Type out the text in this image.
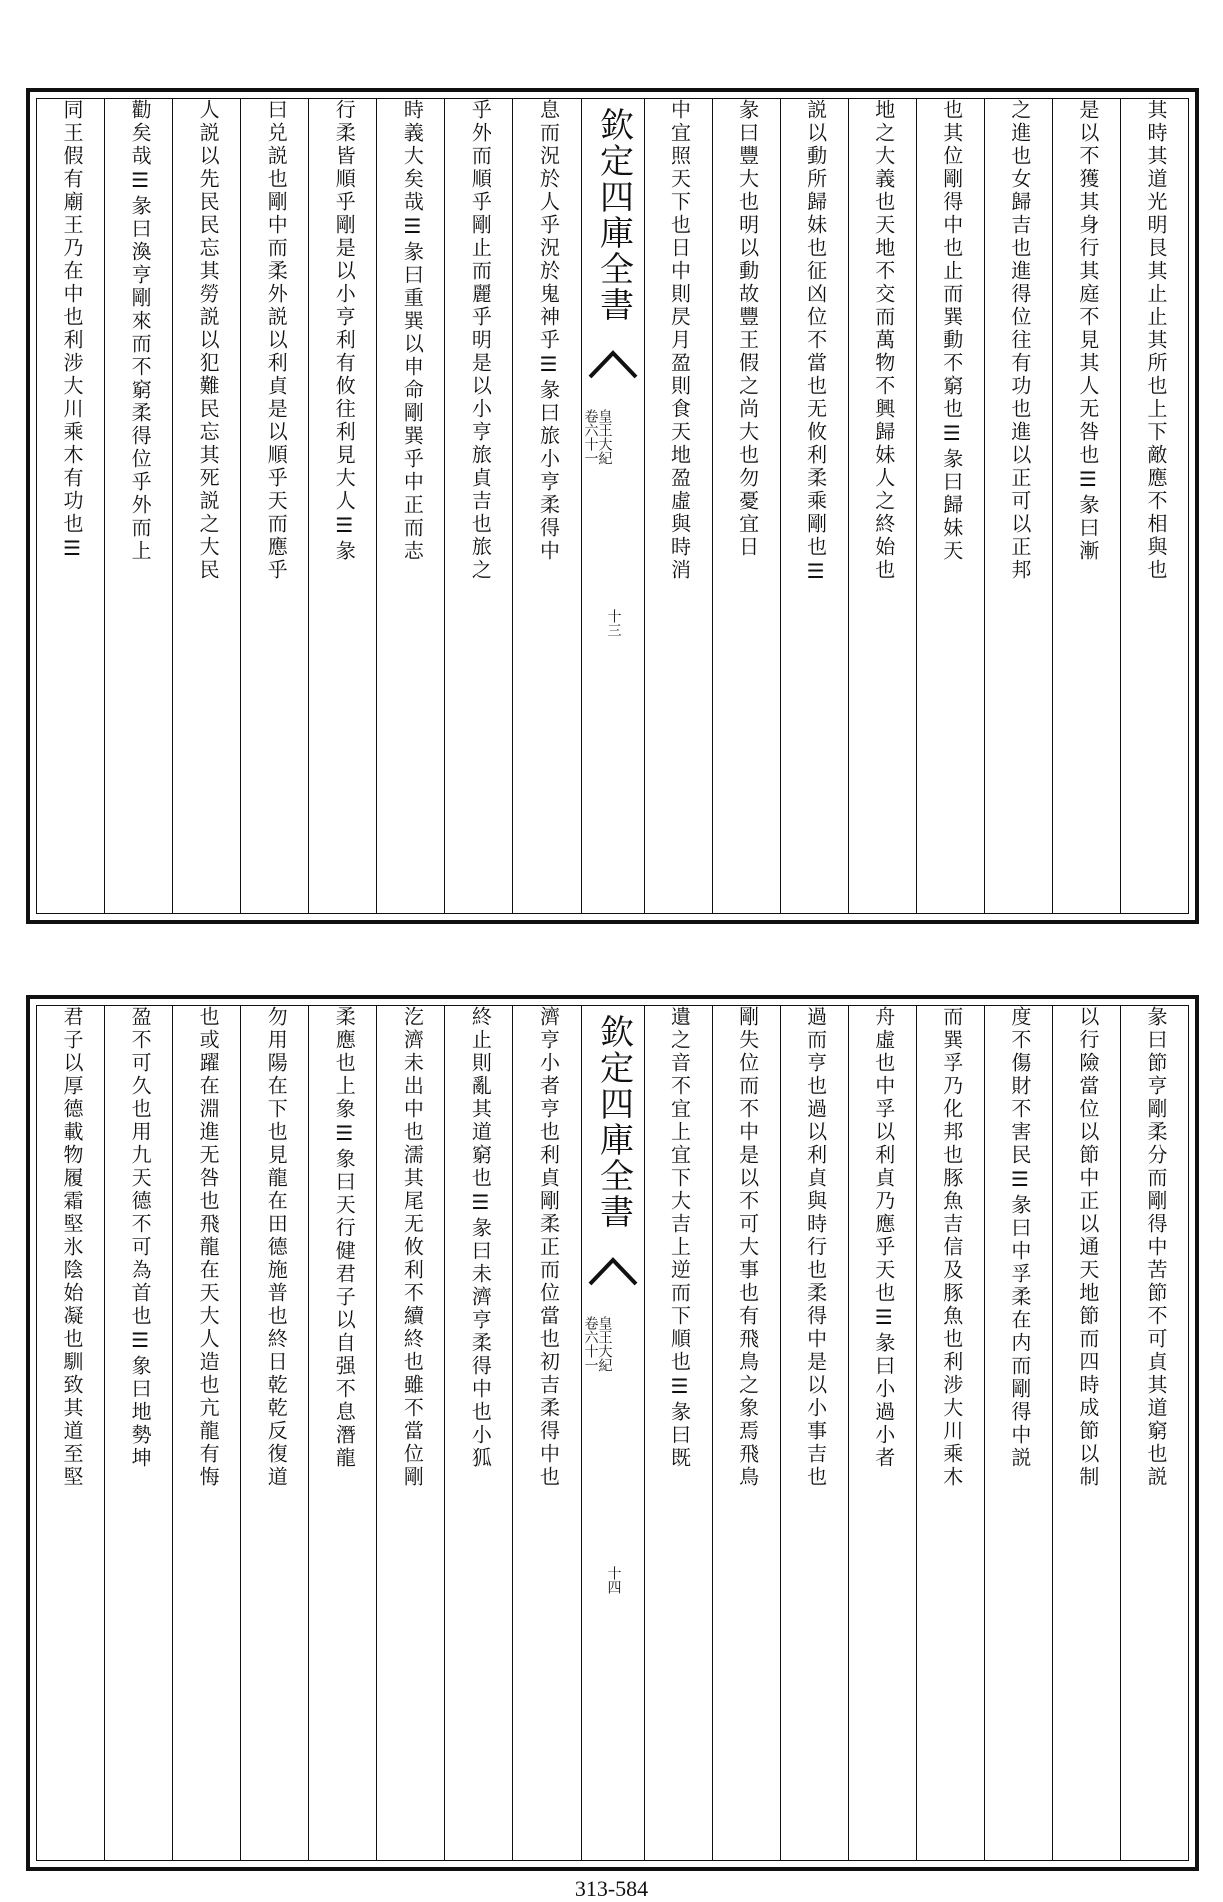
其時其道光明艮其止止其所也上下敵應不相與也
是以不獲其身行其庭不見其人无咎也☰彖曰漸
之進也女歸吉也進得位往有功也進以正可以正邦
也其位剛得中也止而巽動不窮也☰彖曰歸妹天
地之大義也天地不交而萬物不興歸妹人之終始也
説以動所歸妹也征凶位不當也无攸利柔乘剛也☰
彖曰豐大也明以動故豐王假之尚大也勿憂宜日
中宜照天下也日中則昃月盈則食天地盈虛與時消
欽定四庫全書
皇王大紀
卷六十一
十三
息而況於人乎況於鬼神乎☰彖曰旅小亨柔得中
乎外而順乎剛止而麗乎明是以小亨旅貞吉也旅之
時義大矣哉☰彖曰重巽以申命剛巽乎中正而志
行柔皆順乎剛是以小亨利有攸往利見大人☰彖
曰兑説也剛中而柔外説以利貞是以順乎天而應乎
人説以先民民忘其勞説以犯難民忘其死説之大民
勸矣哉☰彖曰渙亨剛來而不窮柔得位乎外而上
同王假有廟王乃在中也利涉大川乘木有功也☰
彖曰節亨剛柔分而剛得中苦節不可貞其道窮也説
以行險當位以節中正以通天地節而四時成節以制
度不傷財不害民☰彖曰中孚柔在内而剛得中説
而巽孚乃化邦也豚魚吉信及豚魚也利涉大川乘木
舟虛也中孚以利貞乃應乎天也☰彖曰小過小者
過而亨也過以利貞與時行也柔得中是以小事吉也
剛失位而不中是以不可大事也有飛鳥之象焉飛鳥
遺之音不宜上宜下大吉上逆而下順也☰彖曰既
欽定四庫全書
皇王大紀
卷六十一
十四
濟亨小者亨也利貞剛柔正而位當也初吉柔得中也
終止則亂其道窮也☰彖曰未濟亨柔得中也小狐
汔濟未出中也濡其尾无攸利不續終也雖不當位剛
柔應也上象☰象曰天行健君子以自强不息潛龍
勿用陽在下也見龍在田德施普也終日乾乾反復道
也或躍在淵進无咎也飛龍在天大人造也亢龍有悔
盈不可久也用九天德不可為首也☰象曰地勢坤
君子以厚德載物履霜堅氷陰始凝也馴致其道至堅
313-584
